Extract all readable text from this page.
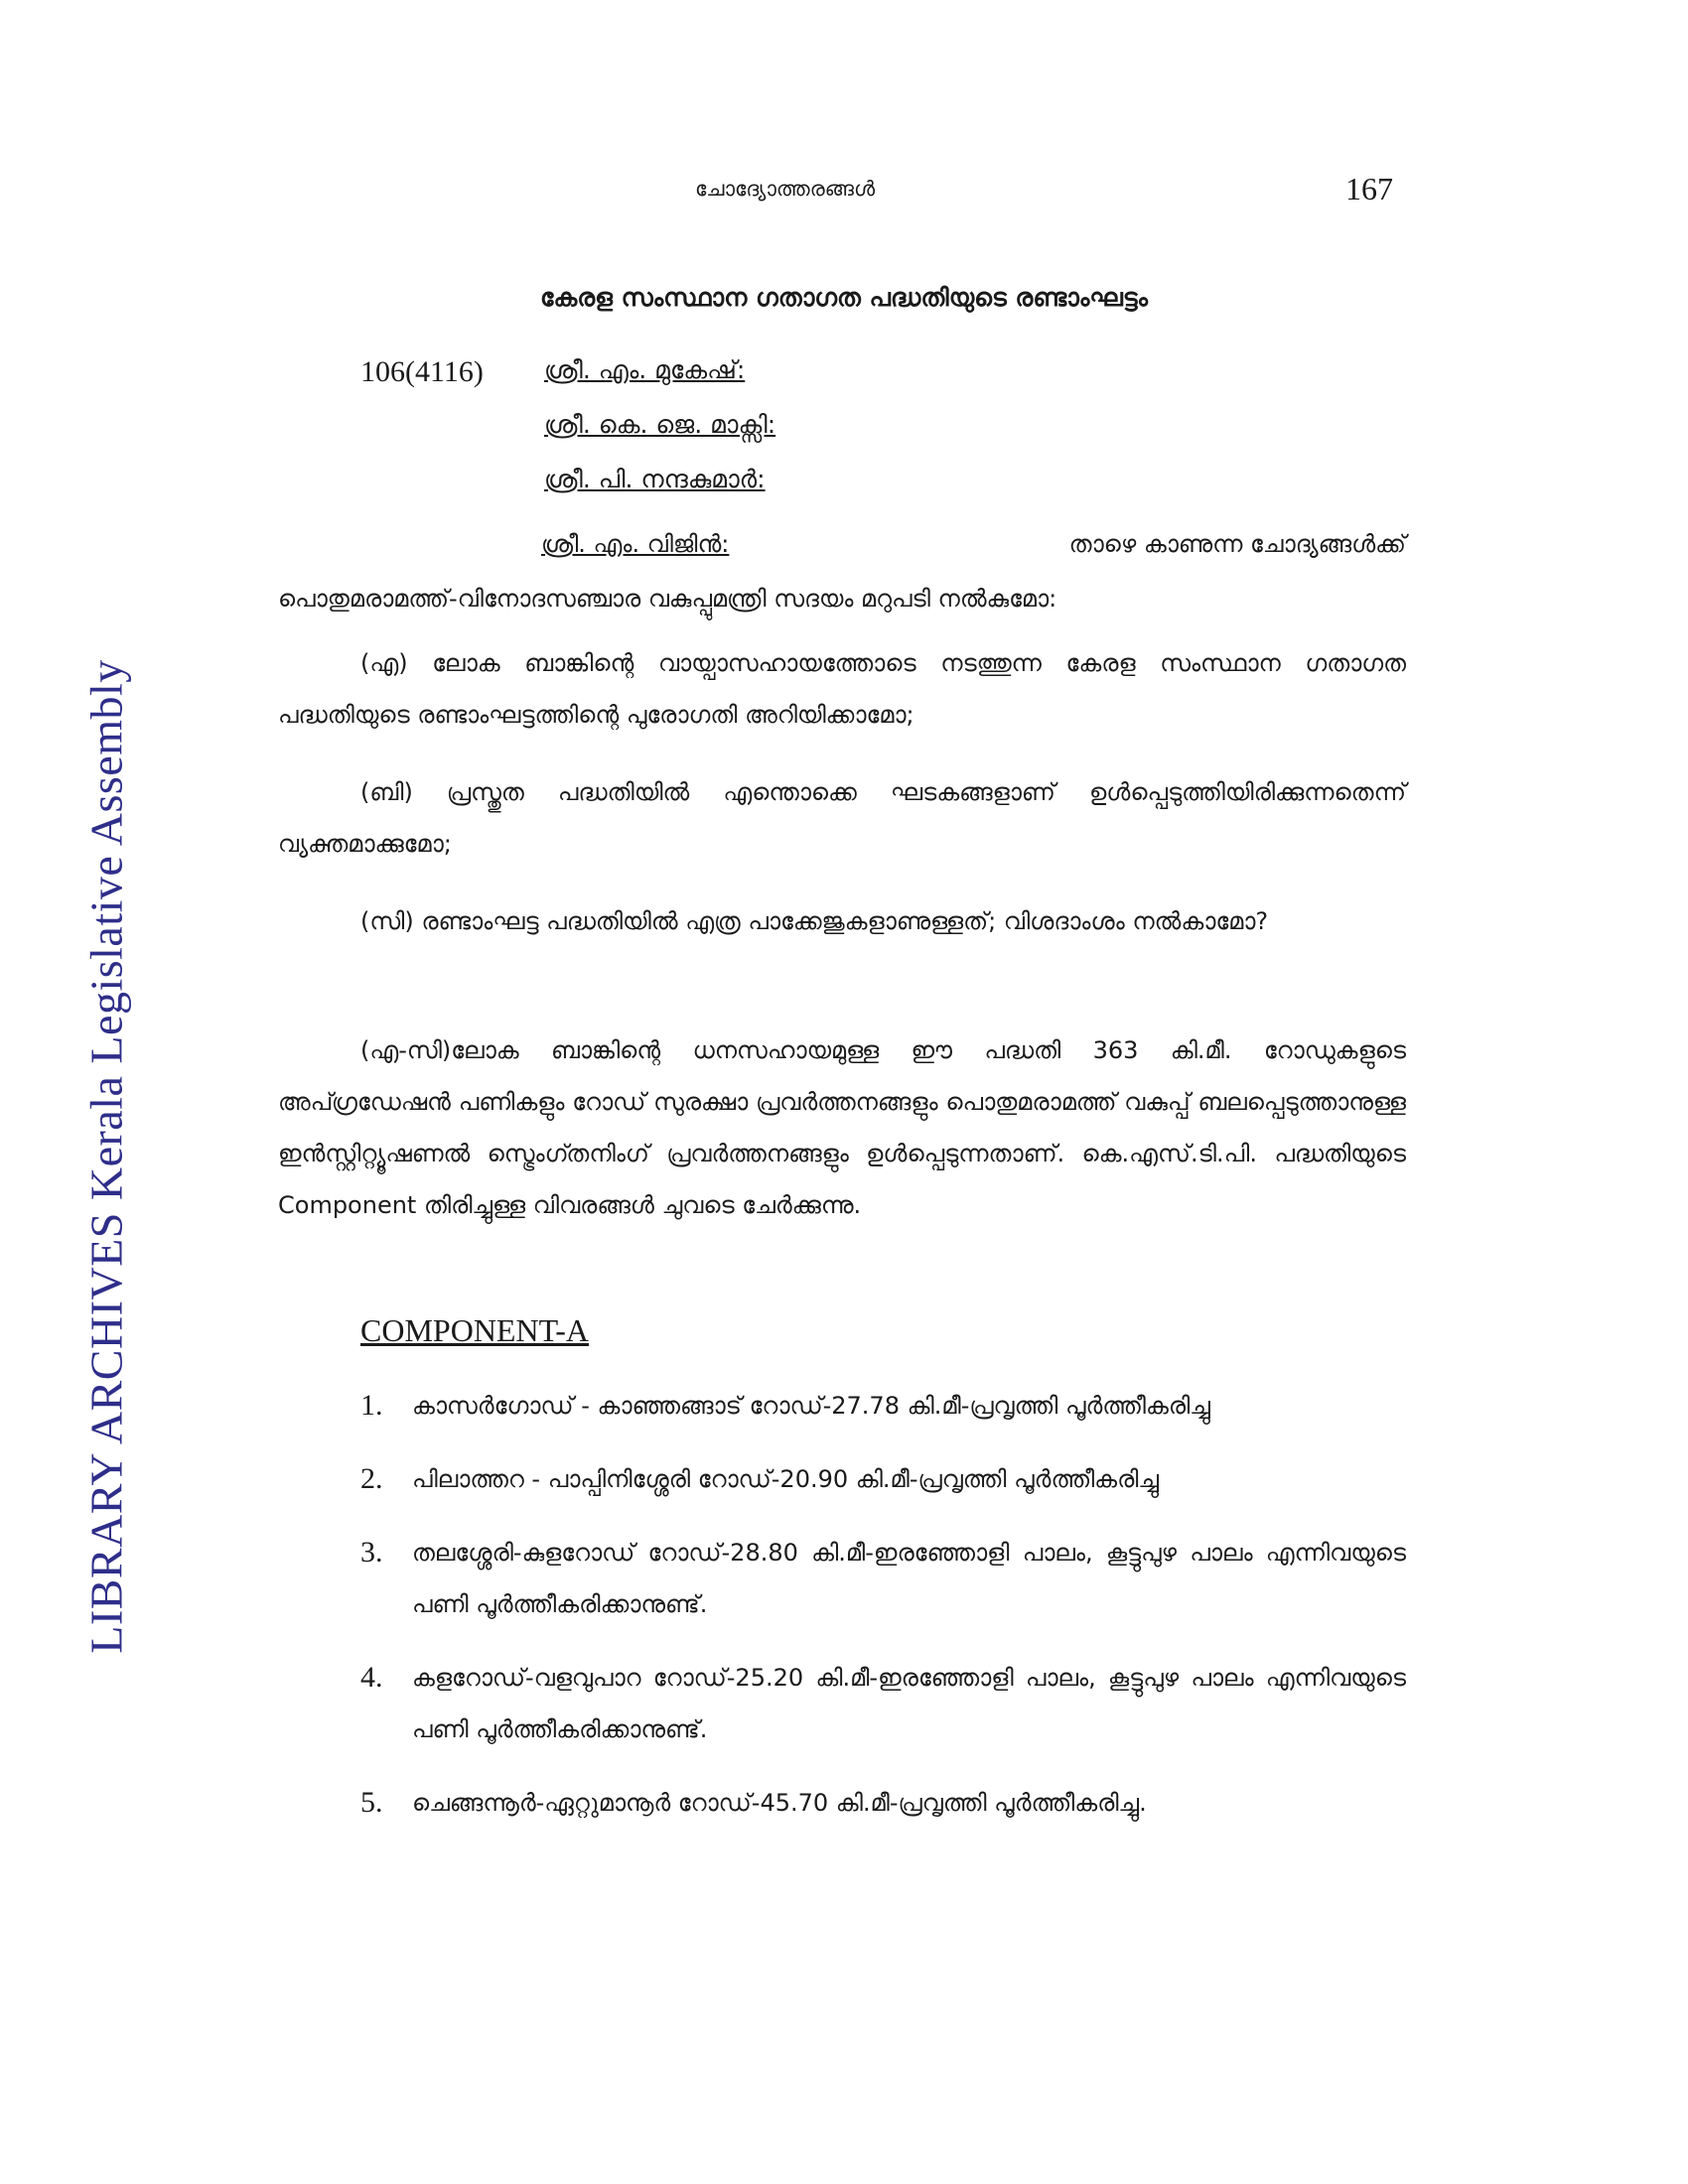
LIBRARY ARCHIVES Kerala Legislative Assembly
ചോദ്യോത്തരങ്ങൾ	167
കേരള സംസ്ഥാന ഗതാഗത പദ്ധതിയുടെ രണ്ടാംഘട്ടം
106(4116) ശ്രീ. എം. മുകേഷ്:
ശ്രീ. കെ. ജെ. മാക്സി:
ശ്രീ. പി. നന്ദകുമാർ:
ശ്രീ. എം. വിജിൻ:	താഴെ കാണുന്ന ചോദ്യങ്ങൾക്ക്
പൊതുമരാമത്ത്-വിനോദസഞ്ചാര വകുപ്പുമന്ത്രി സദയം മറുപടി നൽകുമോ:

(എ) ലോക ബാങ്കിന്റെ വായ്പാസഹായത്തോടെ നടത്തുന്ന കേരള സംസ്ഥാന ഗതാഗത പദ്ധതിയുടെ രണ്ടാംഘട്ടത്തിന്റെ പുരോഗതി അറിയിക്കാമോ;

(ബി) പ്രസ്തുത പദ്ധതിയിൽ എന്തൊക്കെ ഘടകങ്ങളാണ് ഉൾപ്പെടുത്തിയിരിക്കുന്നതെന്ന് വ്യക്തമാക്കുമോ;

(സി) രണ്ടാംഘട്ട പദ്ധതിയിൽ എത്ര പാക്കേജുകളാണുള്ളത്; വിശദാംശം നൽകാമോ?

(എ-സി)ലോക ബാങ്കിന്റെ ധനസഹായമുള്ള ഈ പദ്ധതി 363 കി.മീ. റോഡുകളുടെ അപ്ഗ്രഡേഷൻ പണികളും റോഡ് സുരക്ഷാ പ്രവർത്തനങ്ങളും പൊതുമരാമത്ത് വകുപ്പ് ബലപ്പെടുത്താനുള്ള ഇൻസ്റ്റിറ്റ്യൂഷണൽ സ്ട്രെംഗ്തനിംഗ് പ്രവർത്തനങ്ങളും ഉൾപ്പെടുന്നതാണ്. കെ.എസ്.ടി.പി. പദ്ധതിയുടെ Component തിരിച്ചുള്ള വിവരങ്ങൾ ചുവടെ ചേർക്കുന്നു.

COMPONENT-A
1. കാസർഗോഡ് - കാഞ്ഞങ്ങാട് റോഡ്-27.78 കി.മീ-പ്രവൃത്തി പൂർത്തീകരിച്ചു
2. പിലാത്തറ - പാപ്പിനിശ്ശേരി റോഡ്-20.90 കി.മീ-പ്രവൃത്തി പൂർത്തീകരിച്ചു
3. തലശ്ശേരി-കുളറോഡ് റോഡ്-28.80 കി.മീ-ഇരഞ്ഞോളി പാലം, കൂട്ടുപുഴ പാലം എന്നിവയുടെ പണി പൂർത്തീകരിക്കാനുണ്ട്.
4. കളറോഡ്-വളവുപാറ റോഡ്-25.20 കി.മീ-ഇരഞ്ഞോളി പാലം, കൂട്ടുപുഴ പാലം എന്നിവയുടെ പണി പൂർത്തീകരിക്കാനുണ്ട്.
5. ചെങ്ങന്നൂർ-ഏറ്റുമാനൂർ റോഡ്-45.70 കി.മീ-പ്രവൃത്തി പൂർത്തീകരിച്ചു.
